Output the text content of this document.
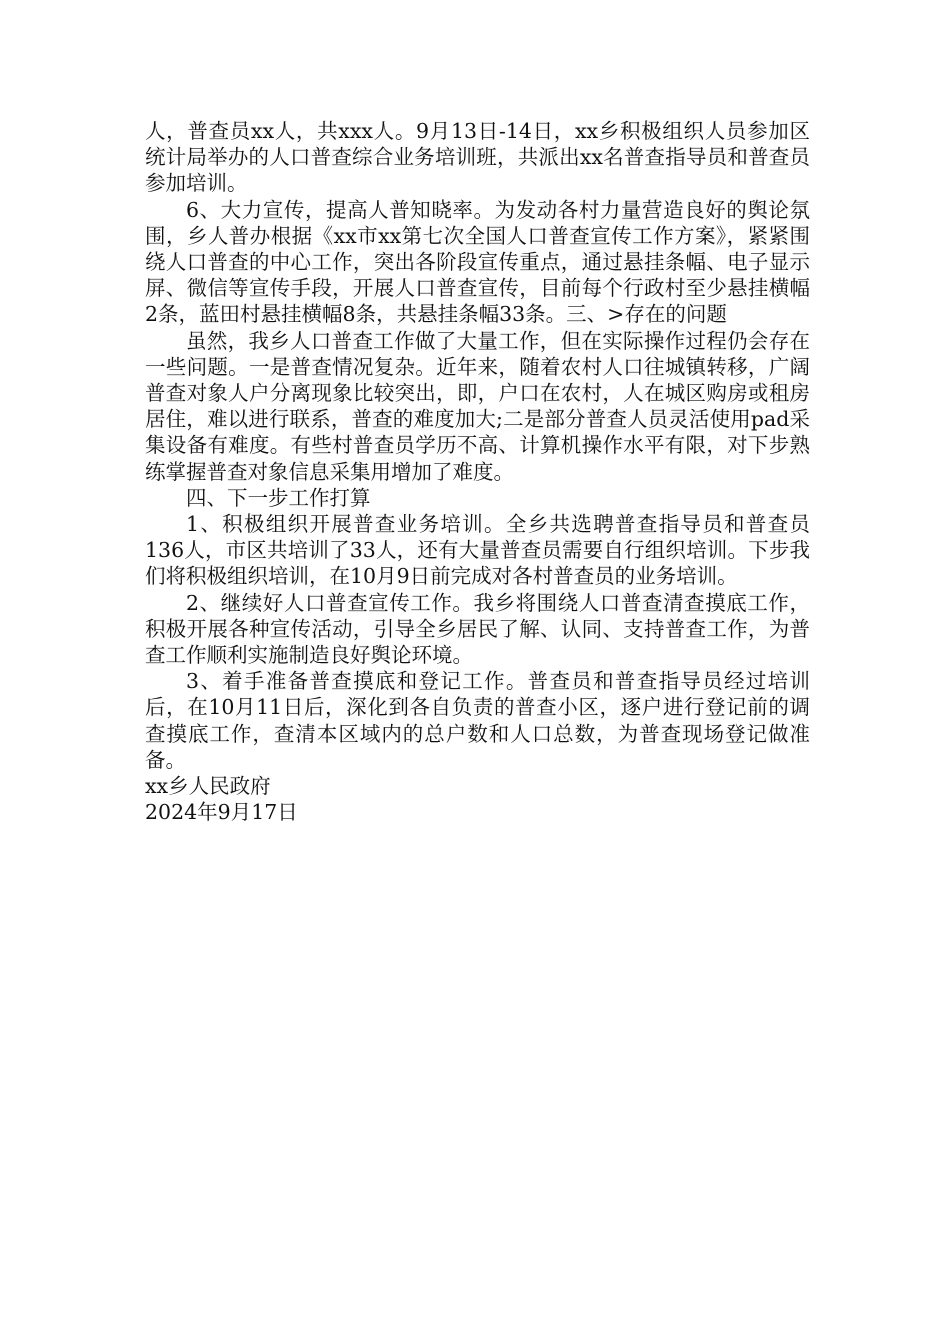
人，普查员xx人，共xxx人。9月13日-14日，xx乡积极组织人员参加区统计局举办的人口普查综合业务培训班，共派出xx名普查指导员和普查员参加培训。

6、大力宣传，提高人普知晓率。为发动各村力量营造良好的舆论氛围，乡人普办根据《xx市xx第七次全国人口普查宣传工作方案》，紧紧围绕人口普查的中心工作，突出各阶段宣传重点，通过悬挂条幅、电子显示屏、微信等宣传手段，开展人口普查宣传，目前每个行政村至少悬挂横幅2条，蓝田村悬挂横幅8条，共悬挂条幅33条。三、>存在的问题

虽然，我乡人口普查工作做了大量工作，但在实际操作过程仍会存在一些问题。一是普查情况复杂。近年来，随着农村人口往城镇转移，广阔普查对象人户分离现象比较突出，即，户口在农村，人在城区购房或租房居住，难以进行联系，普查的难度加大;二是部分普查人员灵活使用pad采集设备有难度。有些村普查员学历不高、计算机操作水平有限，对下步熟练掌握普查对象信息采集用增加了难度。

四、下一步工作打算

1、积极组织开展普查业务培训。全乡共选聘普查指导员和普查员136人，市区共培训了33人，还有大量普查员需要自行组织培训。下步我们将积极组织培训，在10月9日前完成对各村普查员的业务培训。

2、继续好人口普查宣传工作。我乡将围绕人口普查清查摸底工作，积极开展各种宣传活动，引导全乡居民了解、认同、支持普查工作，为普查工作顺利实施制造良好舆论环境。

3、着手准备普查摸底和登记工作。普查员和普查指导员经过培训后，在10月11日后，深化到各自负责的普查小区，逐户进行登记前的调查摸底工作，查清本区域内的总户数和人口总数，为普查现场登记做准备。

xx乡人民政府

2024年9月17日
